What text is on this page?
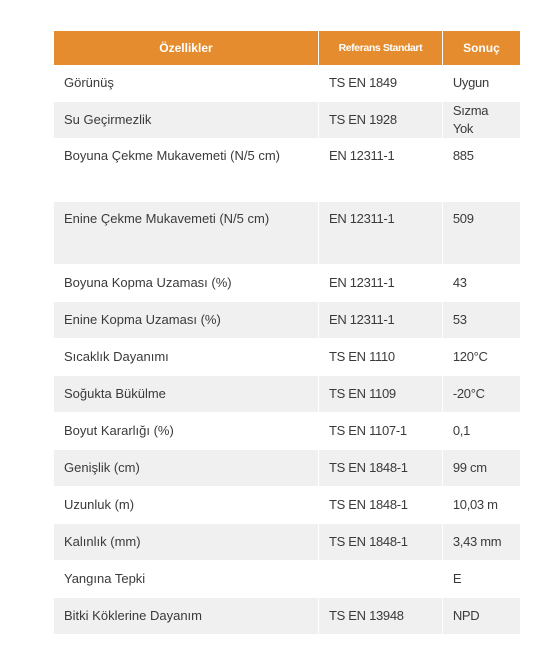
Özellikler	Referans Standart	Sonuç
Görünüş	TS EN 1849	Uygun
Su Geçirmezlik	TS EN 1928	Sızma Yok
Boyuna Çekme Mukavemeti (N/5 cm)	EN 12311-1	885
Enine Çekme Mukavemeti (N/5 cm)	EN 12311-1	509
Boyuna Kopma Uzaması (%)	EN 12311-1	43
Enine Kopma Uzaması (%)	EN 12311-1	53
Sıcaklık Dayanımı	TS EN 1110	120°C
Soğukta Bükülme	TS EN 1109	-20°C
Boyut Kararlığı (%)	TS EN 1107-1	0,1
Genişlik (cm)	TS EN 1848-1	99 cm
Uzunluk (m)	TS EN 1848-1	10,03 m
Kalınlık (mm)	TS EN 1848-1	3,43 mm
Yangına Tepki		E
Bitki Köklerine Dayanım	TS EN 13948	NPD
